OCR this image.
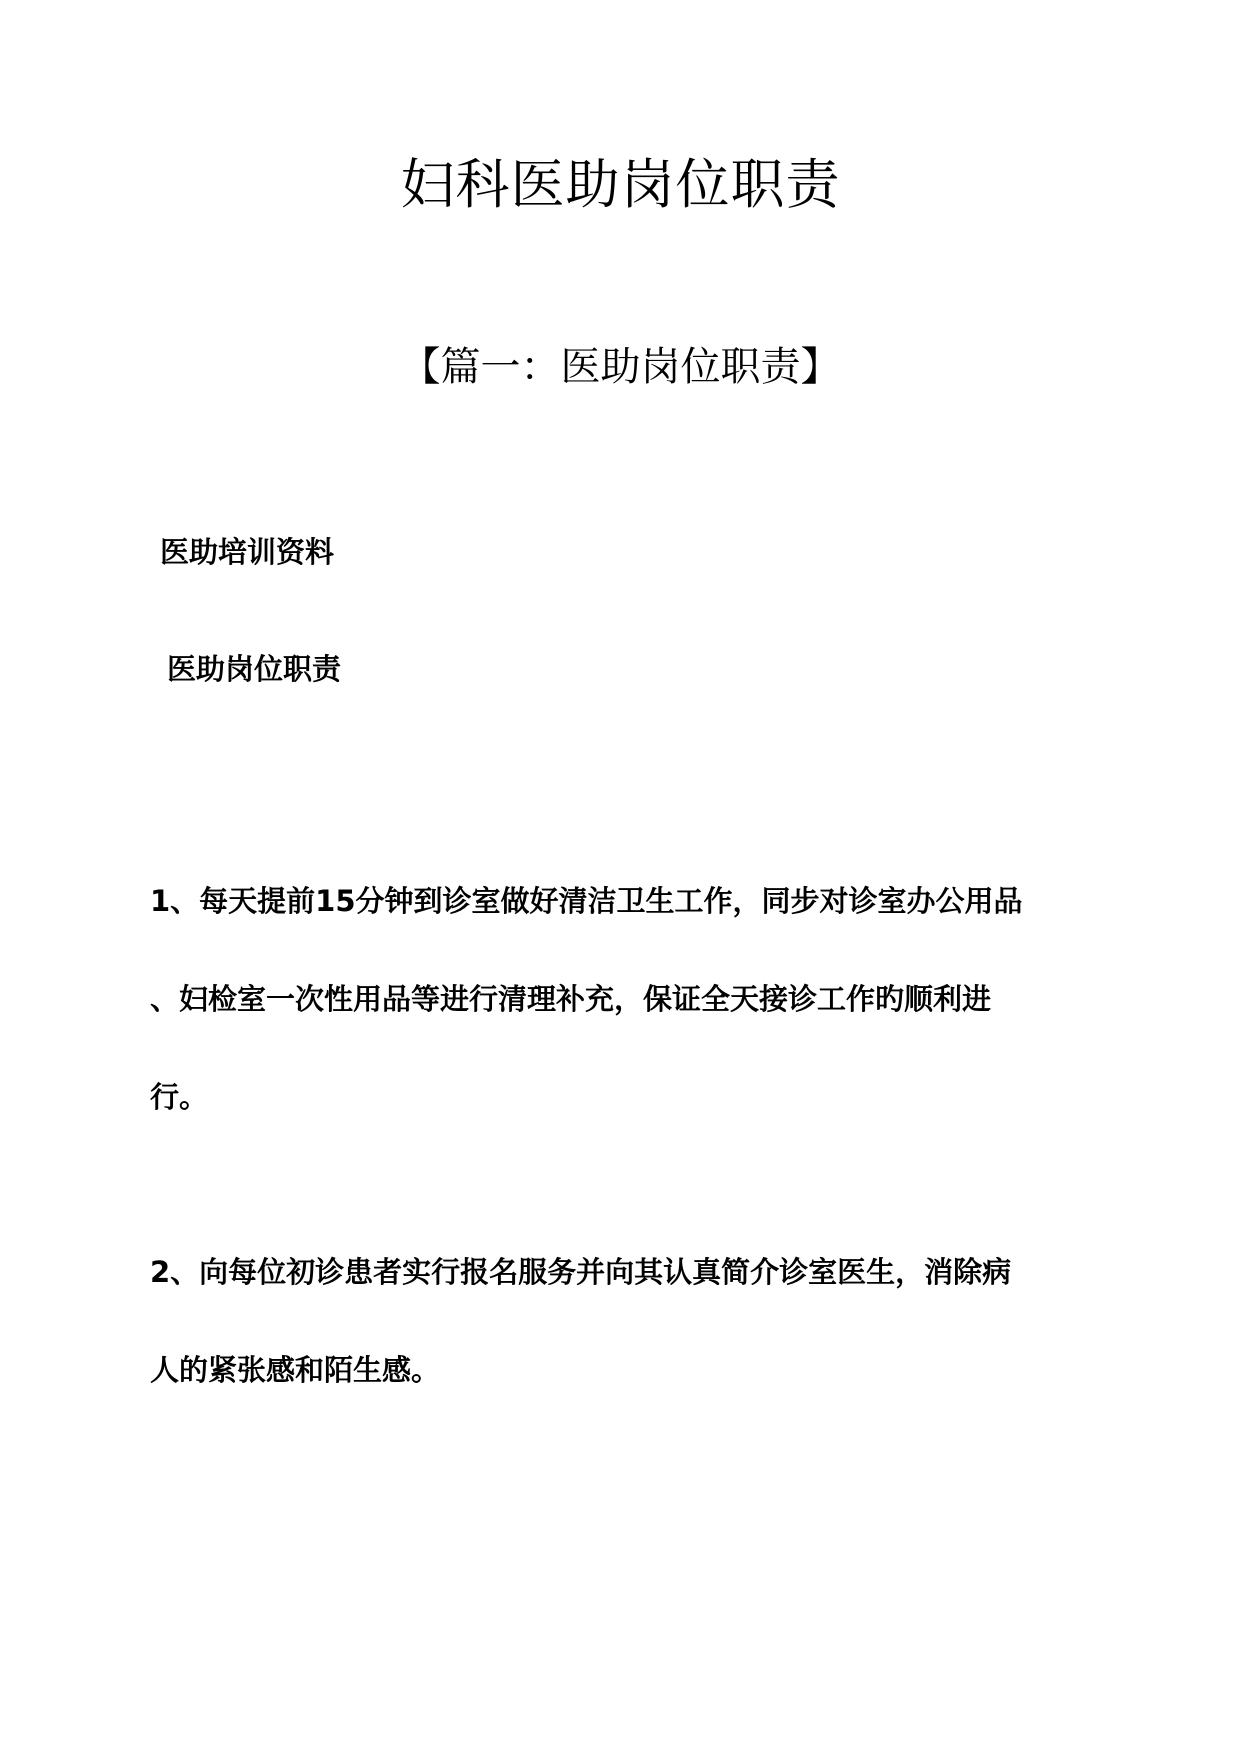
妇科医助岗位职责
【篇一：医助岗位职责】
医助培训资料
医助岗位职责
1、每天提前15分钟到诊室做好清洁卫生工作，同步对诊室办公用品
、妇检室一次性用品等进行清理补充，保证全天接诊工作旳顺利进
行。
2、向每位初诊患者实行报名服务并向其认真简介诊室医生，消除病
人的紧张感和陌生感。
